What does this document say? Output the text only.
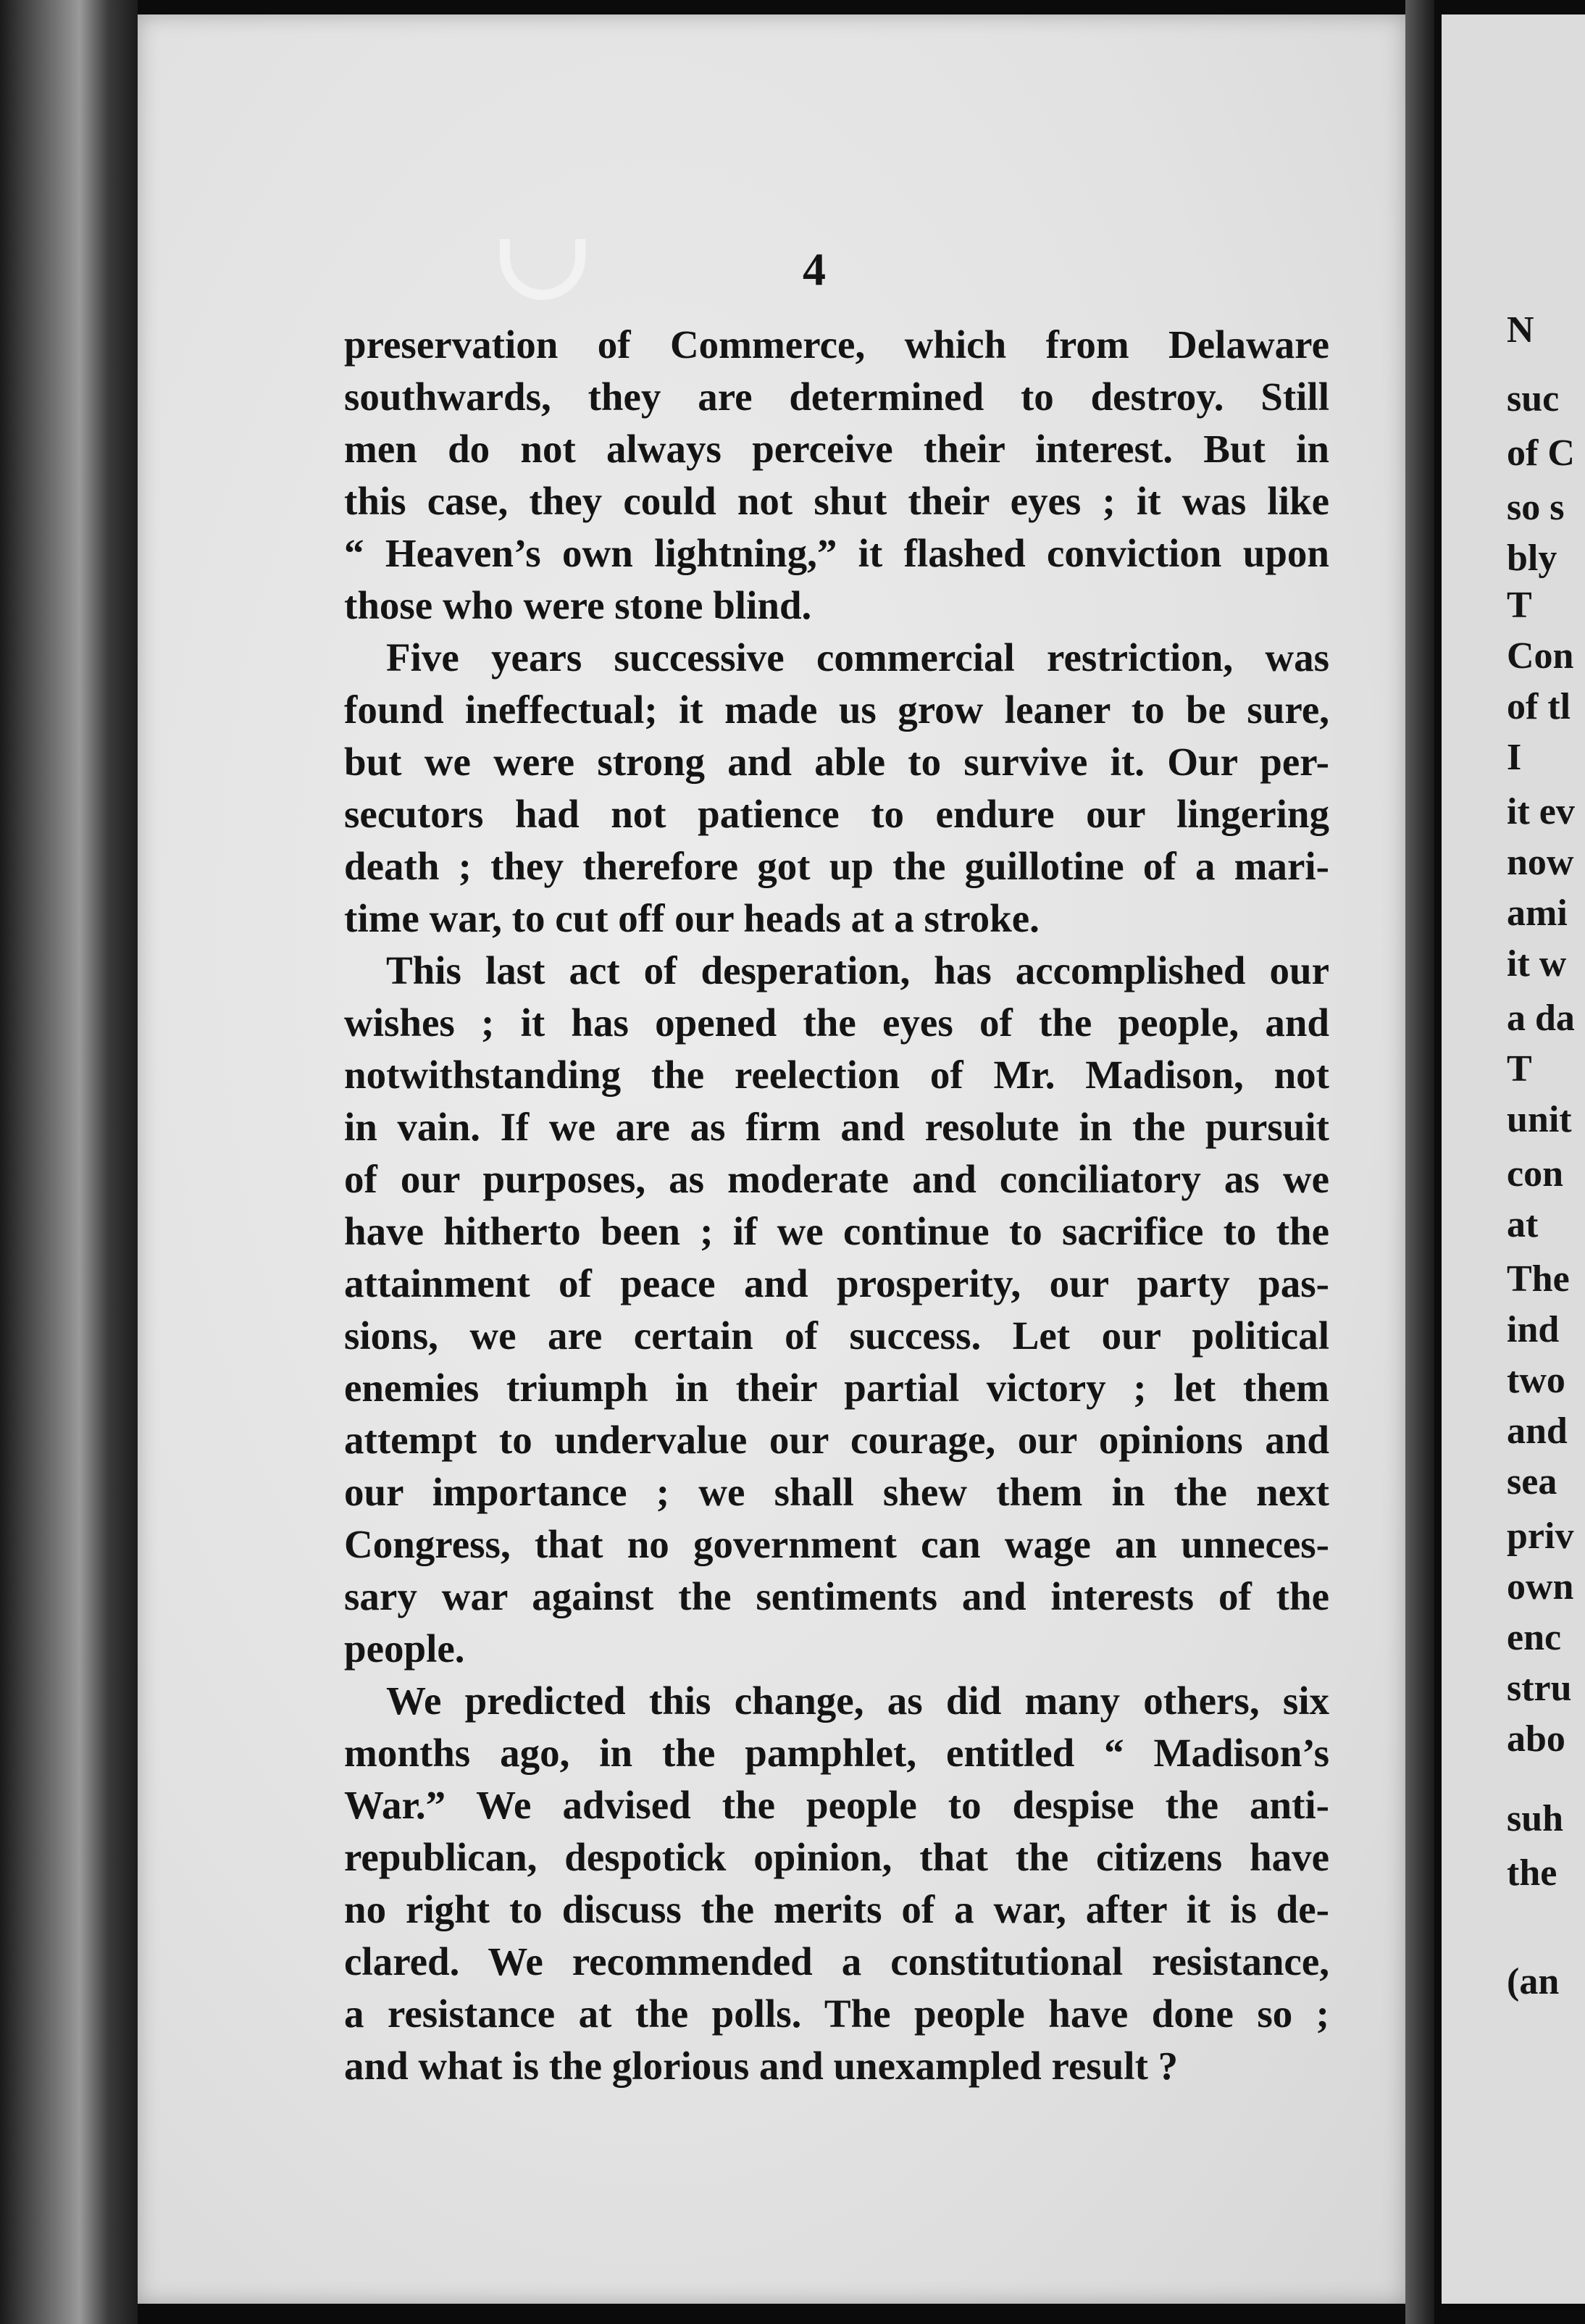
N
suc
of C
so s
bly
T
Con
of tl
I
it ev
now
ami
it w
a da
T
unit
con
at
The
ind
two
and
sea
priv
own
enc
stru
abo
suh
the
(an
4
preservation of Commerce, which from Delaware
southwards, they are determined to destroy. Still
men do not always perceive their interest. But in
this case, they could not shut their eyes ; it was like
“ Heaven’s own lightning,” it flashed conviction upon
those who were stone blind.
Five years successive commercial restriction, was
found ineffectual; it made us grow leaner to be sure,
but we were strong and able to survive it. Our per-
secutors had not patience to endure our lingering
death ; they therefore got up the guillotine of a mari-
time war, to cut off our heads at a stroke.
This last act of desperation, has accomplished our
wishes ; it has opened the eyes of the people, and
notwithstanding the reelection of Mr. Madison, not
in vain. If we are as firm and resolute in the pursuit
of our purposes, as moderate and conciliatory as we
have hitherto been ; if we continue to sacrifice to the
attainment of peace and prosperity, our party pas-
sions, we are certain of success. Let our political
enemies triumph in their partial victory ; let them
attempt to undervalue our courage, our opinions and
our importance ; we shall shew them in the next
Congress, that no government can wage an unneces-
sary war against the sentiments and interests of the
people.
We predicted this change, as did many others, six
months ago, in the pamphlet, entitled “ Madison’s
War.” We advised the people to despise the anti-
republican, despotick opinion, that the citizens have
no right to discuss the merits of a war, after it is de-
clared. We recommended a constitutional resistance,
a resistance at the polls. The people have done so ;
and what is the glorious and unexampled result ?
